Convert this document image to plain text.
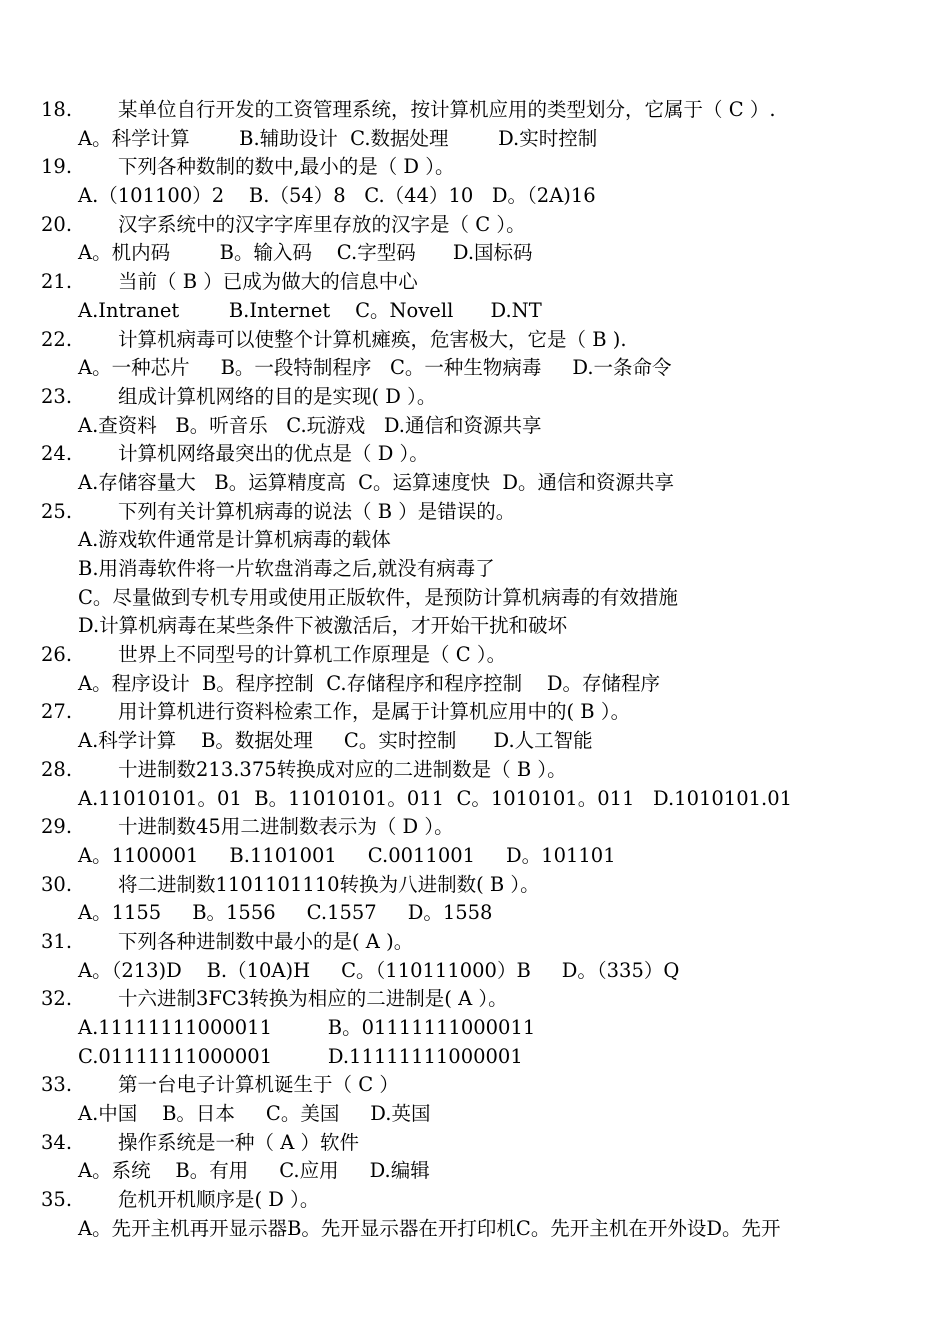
18. 某单位自行开发的工资管理系统，按计算机应用的类型划分，它属于（ C ）.
A。科学计算        B.辅助设计  C.数据处理        D.实时控制
19. 下列各种数制的数中,最小的是（ D ）。
A.（101100）2    B.（54）8   C.（44）10   D。（2A)16
20. 汉字系统中的汉字字库里存放的汉字是（ C ）。
A。机内码        B。输入码    C.字型码      D.国标码
21. 当前（ B ）已成为做大的信息中心
A.Intranet        B.Internet    C。Novell      D.NT
22. 计算机病毒可以使整个计算机瘫痪，危害极大，它是（ B ).
A。一种芯片     B。一段特制程序   C。一种生物病毒     D.一条命令
23. 组成计算机网络的目的是实现( D ）。
A.查资料   B。听音乐   C.玩游戏   D.通信和资源共享
24. 计算机网络最突出的优点是（ D ）。
A.存储容量大   B。运算精度高  C。运算速度快  D。通信和资源共享
25. 下列有关计算机病毒的说法（ B ）是错误的。
A.游戏软件通常是计算机病毒的载体
B.用消毒软件将一片软盘消毒之后,就没有病毒了
C。尽量做到专机专用或使用正版软件，是预防计算机病毒的有效措施
D.计算机病毒在某些条件下被激活后，才开始干扰和破坏
26. 世界上不同型号的计算机工作原理是（ C ）。
A。程序设计  B。程序控制  C.存储程序和程序控制    D。存储程序
27. 用计算机进行资料检索工作，是属于计算机应用中的( B ）。
A.科学计算    B。数据处理     C。实时控制      D.人工智能
28. 十进制数213.375转换成对应的二进制数是（ B ）。
A.11010101。01  B。11010101。011  C。1010101。011   D.1010101.01
29. 十进制数45用二进制数表示为（ D ）。
A。1100001     B.1101001     C.0011001     D。101101
30. 将二进制数1101101110转换为八进制数( B ）。
A。1155     B。1556     C.1557     D。1558
31. 下列各种进制数中最小的是( A )。
A。（213)D    B.（10A)H     C。（110111000）B     D。（335）Q
32. 十六进制3FC3转换为相应的二进制是( A ）。
A.11111111000011         B。01111111000011
C.01111111000001         D.11111111000001
33. 第一台电子计算机诞生于（ C ）
A.中国    B。日本     C。美国     D.英国
34. 操作系统是一种（ A ）软件
A。系统    B。有用     C.应用     D.编辑
35. 危机开机顺序是( D ）。
A。先开主机再开显示器B。先开显示器在开打印机C。先开主机在开外设D。先开
